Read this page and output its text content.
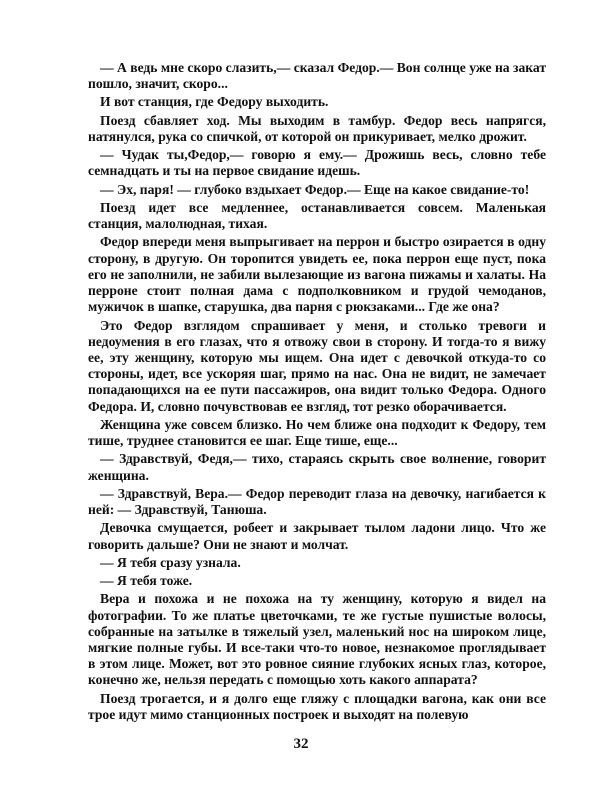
— А ведь мне скоро слазить,— сказал Федор.— Вон солнце уже на закат пошло, значит, скоро...

И вот станция, где Федору выходить.

Поезд сбавляет ход. Мы выходим в тамбур. Федор весь напрягся, натянулся, рука со спичкой, от которой он прикуривает, мелко дрожит.

— Чудак ты,Федор,— говорю я ему.— Дрожишь весь, словно тебе семнадцать и ты на первое свидание идешь.

— Эх, паря! — глубоко вздыхает Федор.— Еще на какое свидание-то!

Поезд идет все медленнее, останавливается совсем. Маленькая станция, малолюдная, тихая.

Федор впереди меня выпрыгивает на перрон и быстро озирается в одну сторону, в другую. Он торопится увидеть ее, пока перрон еще пуст, пока его не заполнили, не забили вылезающие из вагона пижамы и халаты. На перроне стоит полная дама с подполковником и грудой чемоданов, мужичок в шапке, старушка, два парня с рюкзаками... Где же она?

Это Федор взглядом спрашивает у меня, и столько тревоги и недоумения в его глазах, что я отвожу свои в сторону. И тогда-то я вижу ее, эту женщину, которую мы ищем. Она идет с девочкой откуда-то со стороны, идет, все ускоряя шаг, прямо на нас. Она не видит, не замечает попадающихся на ее пути пассажиров, она видит только Федора. Одного Федора. И, словно почувствовав ее взгляд, тот резко оборачивается.

Женщина уже совсем близко. Но чем ближе она подходит к Федору, тем тише, труднее становится ее шаг. Еще тише, еще...

— Здравствуй, Федя,— тихо, стараясь скрыть свое волнение, говорит женщина.

— Здравствуй, Вера.— Федор переводит глаза на девочку, нагибается к ней: — Здравствуй, Танюша.

Девочка смущается, робеет и закрывает тылом ладони лицо. Что же говорить дальше? Они не знают и молчат.

— Я тебя сразу узнала.

— Я тебя тоже.

Вера и похожа и не похожа на ту женщину, которую я видел на фотографии. То же платье цветочками, те же густые пушистые волосы, собранные на затылке в тяжелый узел, маленький нос на широком лице, мягкие полные губы. И все-таки что-то новое, незнакомое проглядывает в этом лице. Может, вот это ровное сияние глубоких ясных глаз, которое, конечно же, нельзя передать с помощью хоть какого аппарата?

Поезд трогается, и я долго еще гляжу с площадки вагона, как они все трое идут мимо станционных построек и выходят на полевую

32
